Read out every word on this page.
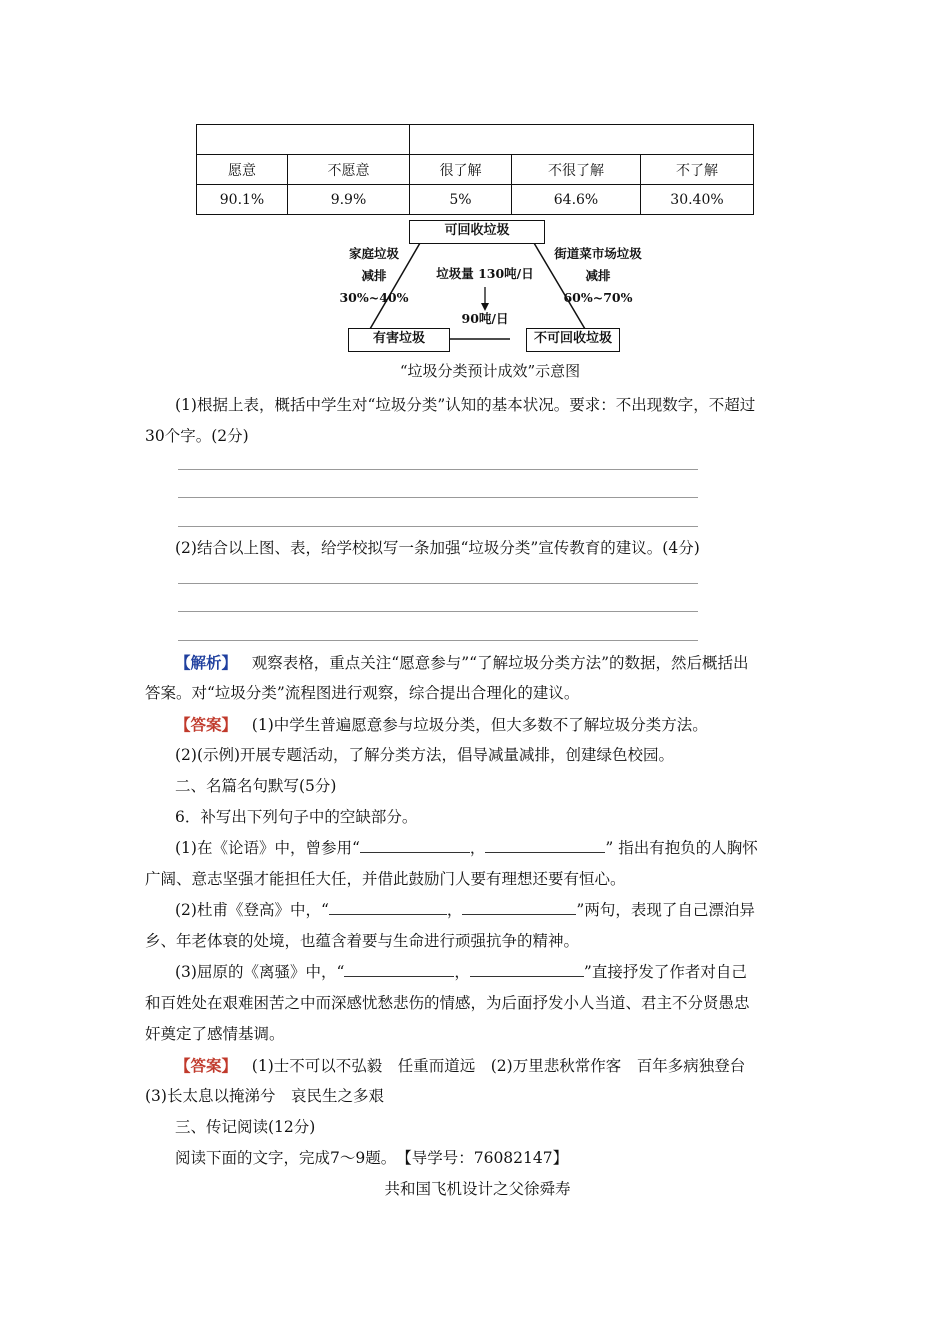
愿意	不愿意	很了解	不很了解	不了解
90.1%	9.9%	5%	64.6%	30.40%
可回收垃圾
有害垃圾	不可回收垃圾
家庭垃圾
减排
30%~40%
街道菜市场垃圾
减排
60%~70%
垃圾量 130吨/日
90吨/日
“垃圾分类预计成效”示意图
(1)根据上表，概括中学生对“垃圾分类”认知的基本状况。要求：不出现数字，不超过
30个字。(2分)
(2)结合以上图、表，给学校拟写一条加强“垃圾分类”宣传教育的建议。(4分)
【解析】 观察表格，重点关注“愿意参与”“了解垃圾分类方法”的数据，然后概括出
答案。对“垃圾分类”流程图进行观察，综合提出合理化的建议。
【答案】 (1)中学生普遍愿意参与垃圾分类，但大多数不了解垃圾分类方法。
(2)(示例)开展专题活动，了解分类方法，倡导减量减排，创建绿色校园。
二、名篇名句默写(5分)
6．补写出下列句子中的空缺部分。
(1)在《论语》中，曾参用“	，	” 指出有抱负的人胸怀
广阔、意志坚强才能担任大任，并借此鼓励门人要有理想还要有恒心。
(2)杜甫《登高》中，“	，	”两句，表现了自己漂泊异
乡、年老体衰的处境，也蕴含着要与生命进行顽强抗争的精神。
(3)屈原的《离骚》中，“	，	”直接抒发了作者对自己
和百姓处在艰难困苦之中而深感忧愁悲伤的情感，为后面抒发小人当道、君主不分贤愚忠
奸奠定了感情基调。
【答案】 (1)士不可以不弘毅　任重而道远　(2)万里悲秋常作客　百年多病独登台
(3)长太息以掩涕兮　哀民生之多艰
三、传记阅读(12分)
阅读下面的文字，完成7～9题。　【导学号：76082147】
共和国飞机设计之父徐舜寿
